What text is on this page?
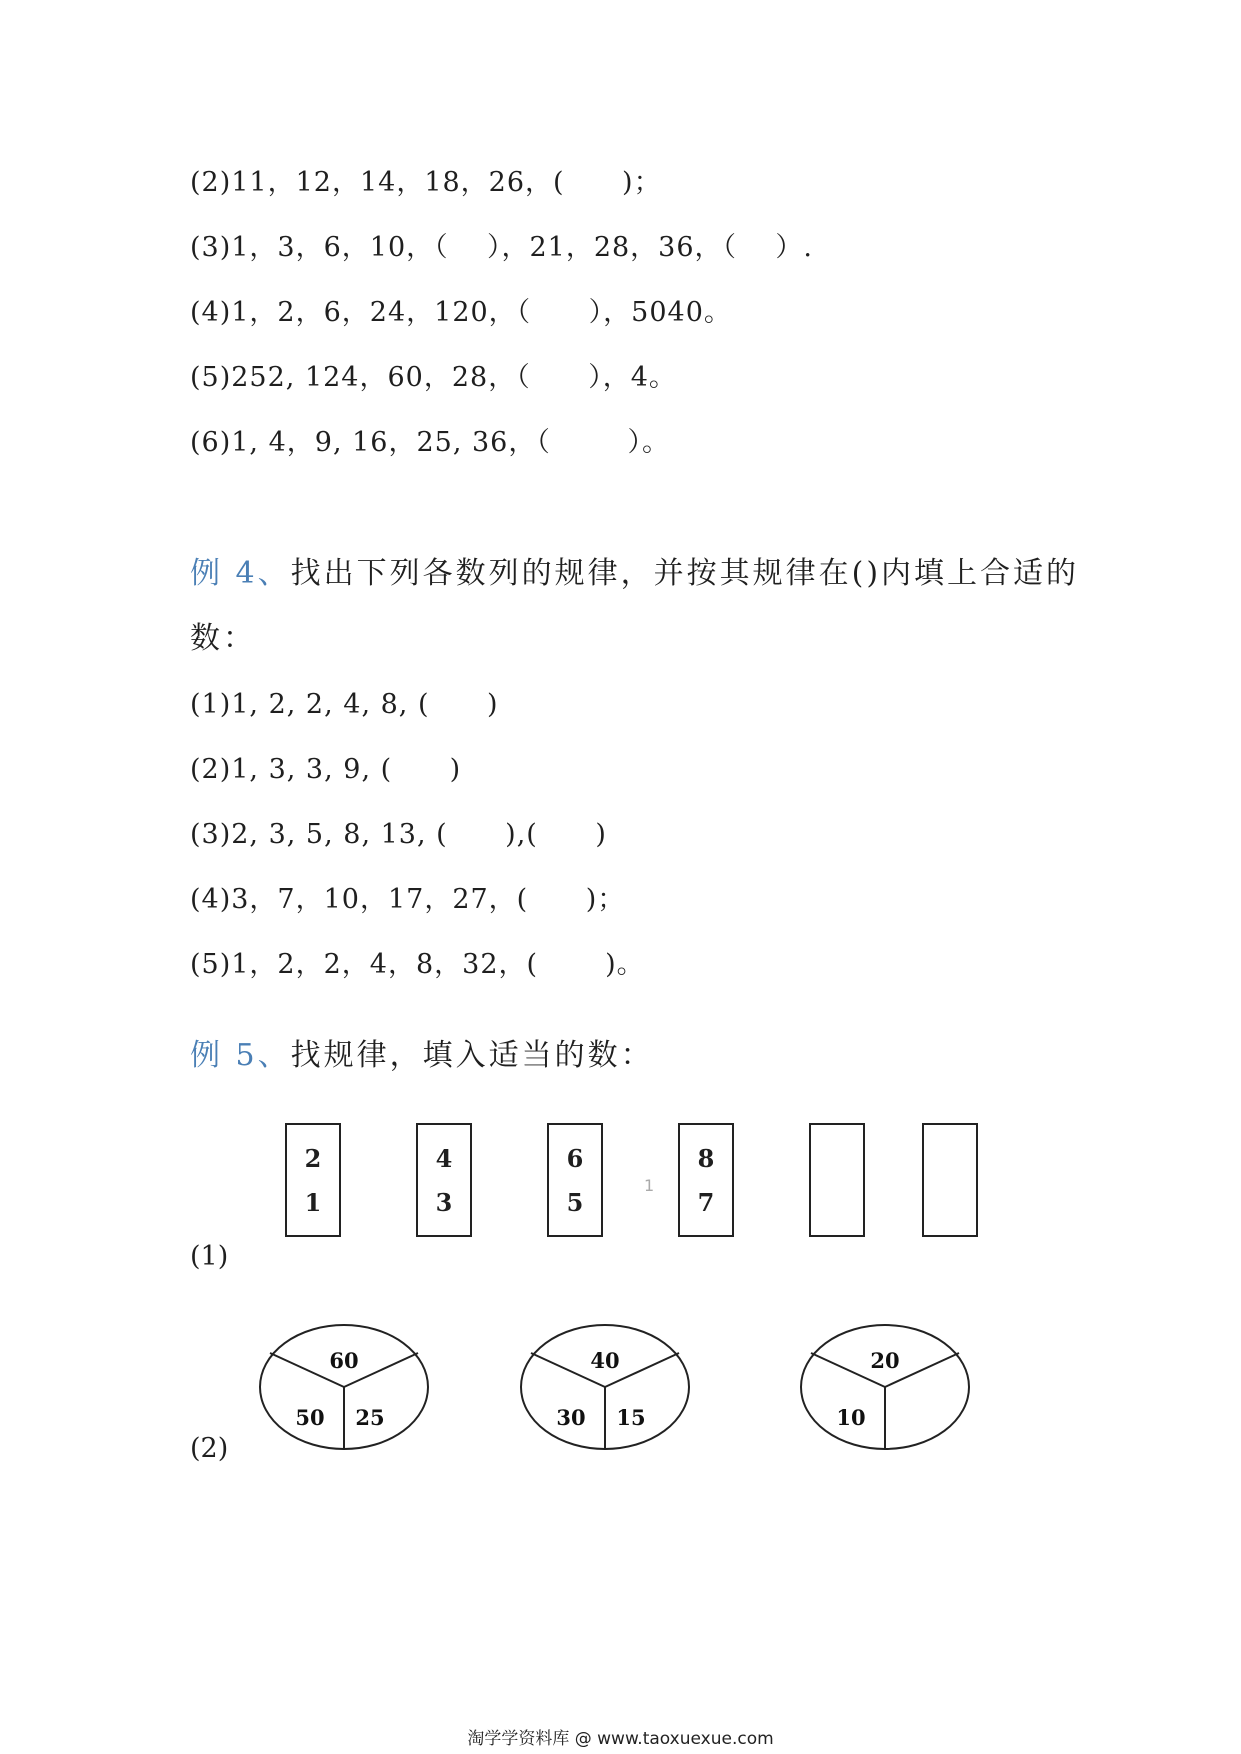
(2)11，12，14，18，26，(      )；

(3)1，3，6，10，（    ），21，28，36，（    ）.

(4)1，2，6，24，120，（      ），5040。

(5)252, 124，60，28，（      ），4。

(6)1, 4，9, 16，25, 36，（        ）。

例 4、找出下列各数列的规律，并按其规律在()内填上合适的

数：

(1)1, 2, 2, 4, 8, (      )

(2)1, 3, 3, 9, (      )

(3)2, 3, 5, 8, 13, (      ),(      )

(4)3，7，10，17，27，(      )；

(5)1，2，2，4，8，32，(       )。

例 5、找规律，填入适当的数：

2
1
4
3
6
5
1
8
7
(1)
60
50 25
40
30 15
20
10
(2)
淘学学资料库 @ www.taoxuexue.com
